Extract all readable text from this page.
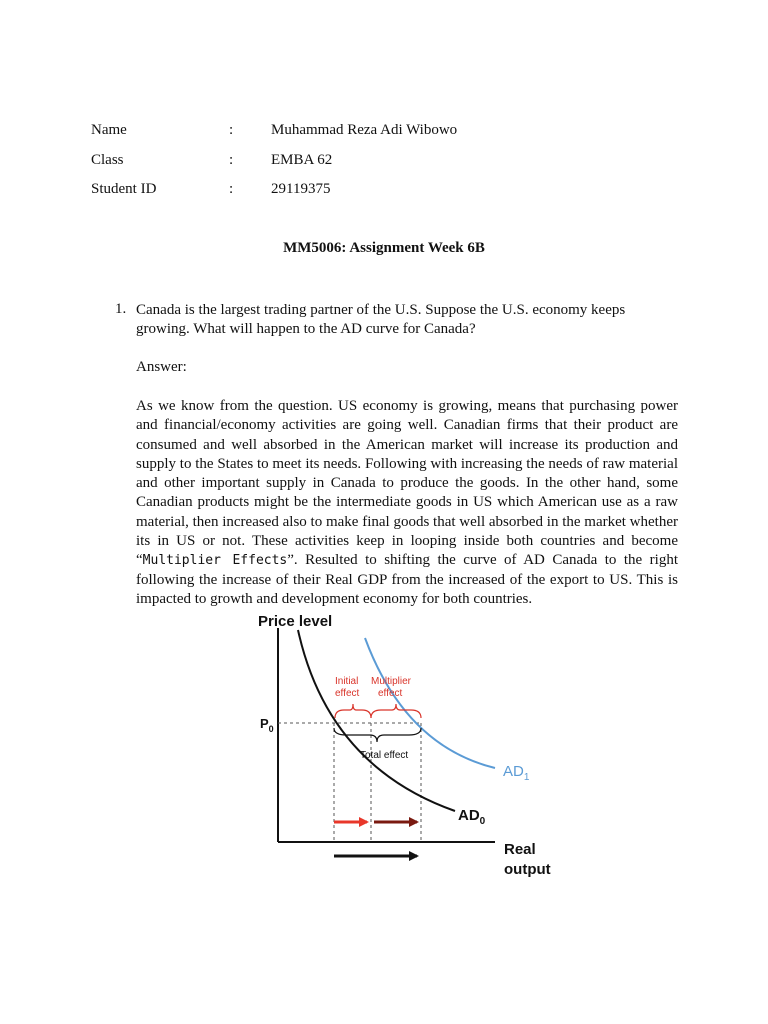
Name	:	Muhammad Reza Adi Wibowo
Class	:	EMBA 62
Student ID	:	29119375
MM5006: Assignment Week 6B
1. Canada is the largest trading partner of the U.S. Suppose the U.S. economy keeps growing. What will happen to the AD curve for Canada?
Answer:
As we know from the question. US economy is growing, means that purchasing power and financial/economy activities are going well. Canadian firms that their product are consumed and well absorbed in the American market will increase its production and supply to the States to meet its needs. Following with increasing the needs of raw material and other important supply in Canada to produce the goods. In the other hand, some Canadian products might be the intermediate goods in US which American use as a raw material, then increased also to make final goods that well absorbed in the market whether its in US or not. These activities keep in looping inside both countries and become “Multiplier Effects”. Resulted to shifting the curve of AD Canada to the right following the increase of their Real GDP from the increased of the export to US. This is impacted to growth and development economy for both countries.
Price level
Real
output
$P_0$
$AD_1$
$AD_0$
Initial
effect
Multiplier
effect
Total effect
